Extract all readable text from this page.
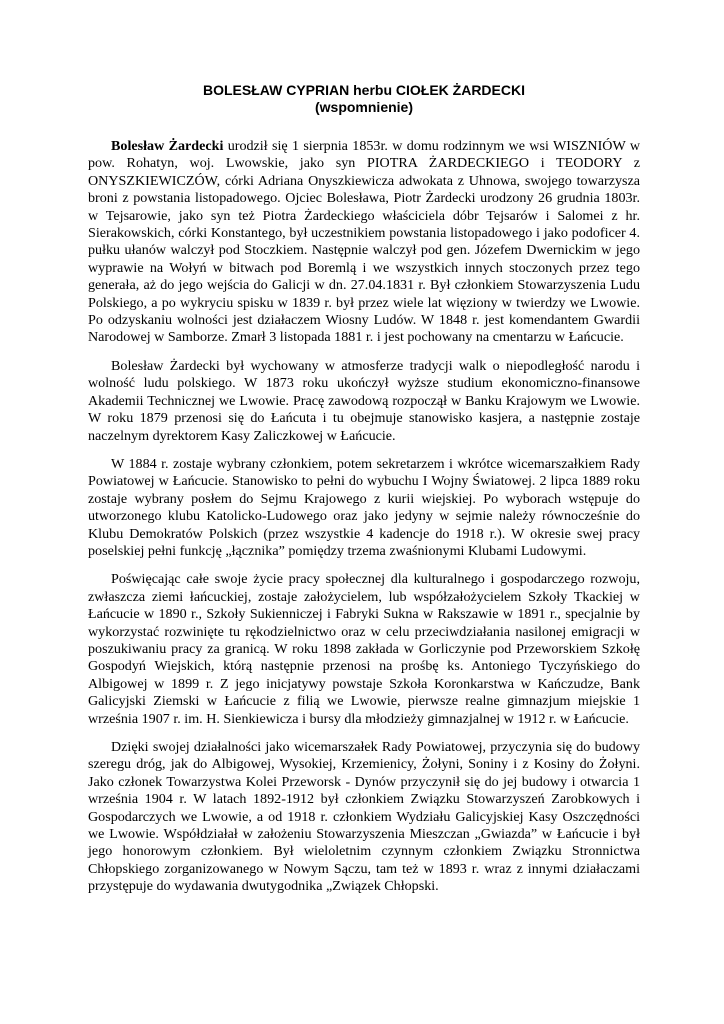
BOLESŁAW CYPRIAN herbu CIOŁEK ŻARDECKI
(wspomnienie)

Bolesław Żardecki urodził się 1 sierpnia 1853r. w domu rodzinnym we wsi WISZNIÓW w pow. Rohatyn, woj. Lwowskie, jako syn PIOTRA ŻARDECKIEGO i TEODORY z ONYSZKIEWICZÓW, córki Adriana Onyszkiewicza adwokata z Uhnowa, swojego towarzysza broni z powstania listopadowego. Ojciec Bolesława, Piotr Żardecki urodzony 26 grudnia 1803r. w Tejsarowie, jako syn też Piotra Żardeckiego właściciela dóbr Tejsarów i Salomei z hr. Sierakowskich, córki Konstantego, był uczestnikiem powstania listopadowego i jako podoficer 4. pułku ułanów walczył pod Stoczkiem. Następnie walczył pod gen. Józefem Dwernickim w jego wyprawie na Wołyń w bitwach pod Boremlą i we wszystkich innych stoczonych przez tego generała, aż do jego wejścia do Galicji w dn. 27.04.1831 r. Był członkiem Stowarzyszenia Ludu Polskiego, a po wykryciu spisku w 1839 r. był przez wiele lat więziony w twierdzy we Lwowie. Po odzyskaniu wolności jest działaczem Wiosny Ludów. W 1848 r. jest komendantem Gwardii Narodowej w Samborze. Zmarł 3 listopada 1881 r. i jest pochowany na cmentarzu w Łańcucie.

Bolesław Żardecki był wychowany w atmosferze tradycji walk o niepodległość narodu i wolność ludu polskiego. W 1873 roku ukończył wyższe studium ekonomiczno-finansowe Akademii Technicznej we Lwowie. Pracę zawodową rozpoczął w Banku Krajowym we Lwowie. W roku 1879 przenosi się do Łańcuta i tu obejmuje stanowisko kasjera, a następnie zostaje naczelnym dyrektorem Kasy Zaliczkowej w Łańcucie.

W 1884 r. zostaje wybrany członkiem, potem sekretarzem i wkrótce wicemarszałkiem Rady Powiatowej w Łańcucie. Stanowisko to pełni do wybuchu I Wojny Światowej. 2 lipca 1889 roku zostaje wybrany posłem do Sejmu Krajowego z kurii wiejskiej. Po wyborach wstępuje do utworzonego klubu Katolicko-Ludowego oraz jako jedyny w sejmie należy równocześnie do Klubu Demokratów Polskich (przez wszystkie 4 kadencje do 1918 r.). W okresie swej pracy poselskiej pełni funkcję „łącznika” pomiędzy trzema zwaśnionymi Klubami Ludowymi.

Poświęcając całe swoje życie pracy społecznej dla kulturalnego i gospodarczego rozwoju, zwłaszcza ziemi łańcuckiej, zostaje założycielem, lub współzałożycielem Szkoły Tkackiej w Łańcucie w 1890 r., Szkoły Sukienniczej i Fabryki Sukna w Rakszawie w 1891 r., specjalnie by wykorzystać rozwinięte tu rękodzielnictwo oraz w celu przeciwdziałania nasilonej emigracji w poszukiwaniu pracy za granicą. W roku 1898 zakłada w Gorliczynie pod Przeworskiem Szkołę Gospodyń Wiejskich, którą następnie przenosi na prośbę ks. Antoniego Tyczyńskiego do Albigowej w 1899 r. Z jego inicjatywy powstaje Szkoła Koronkarstwa w Kańczudze, Bank Galicyjski Ziemski w Łańcucie z filią we Lwowie, pierwsze realne gimnazjum miejskie 1 września 1907 r. im. H. Sienkiewicza i bursy dla młodzieży gimnazjalnej w 1912 r. w Łańcucie.

Dzięki swojej działalności jako wicemarszałek Rady Powiatowej, przyczynia się do budowy szeregu dróg, jak do Albigowej, Wysokiej, Krzemienicy, Żołyni, Soniny i z Kosiny do Żołyni. Jako członek Towarzystwa Kolei Przeworsk - Dynów przyczynił się do jej budowy i otwarcia 1 września 1904 r. W latach 1892-1912 był członkiem Związku Stowarzyszeń Zarobkowych i Gospodarczych we Lwowie, a od 1918 r. członkiem Wydziału Galicyjskiej Kasy Oszczędności we Lwowie. Współdziałał w założeniu Stowarzyszenia Mieszczan „Gwiazda” w Łańcucie i był jego honorowym członkiem. Był wieloletnim czynnym członkiem Związku Stronnictwa Chłopskiego zorganizowanego w Nowym Sączu, tam też w 1893 r. wraz z innymi działaczami przystępuje do wydawania dwutygodnika „Związek Chłopski.
